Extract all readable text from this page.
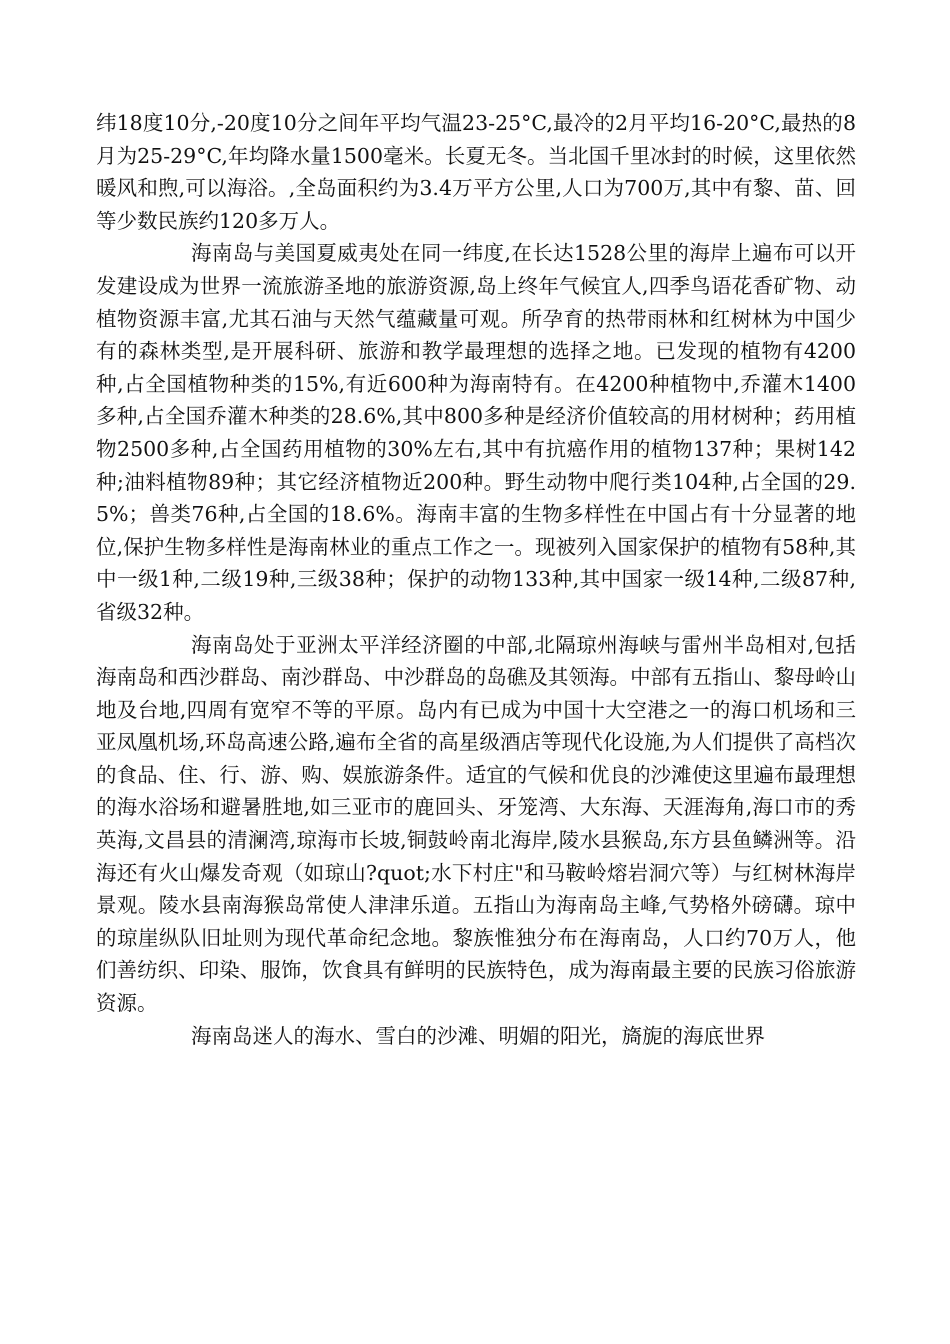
纬18度10分,-20度10分之间年平均气温23-25°C,最冷的2月平均16-20°C,最热的8月为25-29°C,年均降水量1500毫米。长夏无冬。当北国千里冰封的时候，这里依然暖风和煦,可以海浴。,全岛面积约为3.4万平方公里,人口为700万,其中有黎、苗、回等少数民族约120多万人。

海南岛与美国夏威夷处在同一纬度,在长达1528公里的海岸上遍布可以开发建设成为世界一流旅游圣地的旅游资源,岛上终年气候宜人,四季鸟语花香矿物、动植物资源丰富,尤其石油与天然气蕴藏量可观。所孕育的热带雨林和红树林为中国少有的森林类型,是开展科研、旅游和教学最理想的选择之地。已发现的植物有4200种,占全国植物种类的15%,有近600种为海南特有。在4200种植物中,乔灌木1400多种,占全国乔灌木种类的28.6%,其中800多种是经济价值较高的用材树种；药用植物2500多种,占全国药用植物的30%左右,其中有抗癌作用的植物137种；果树142种;油料植物89种；其它经济植物近200种。野生动物中爬行类104种,占全国的29.5%；兽类76种,占全国的18.6%。海南丰富的生物多样性在中国占有十分显著的地位,保护生物多样性是海南林业的重点工作之一。现被列入国家保护的植物有58种,其中一级1种,二级19种,三级38种；保护的动物133种,其中国家一级14种,二级87种,省级32种。

海南岛处于亚洲太平洋经济圈的中部,北隔琼州海峡与雷州半岛相对,包括海南岛和西沙群岛、南沙群岛、中沙群岛的岛礁及其领海。中部有五指山、黎母岭山地及台地,四周有宽窄不等的平原。岛内有已成为中国十大空港之一的海口机场和三亚凤凰机场,环岛高速公路,遍布全省的高星级酒店等现代化设施,为人们提供了高档次的食品、住、行、游、购、娱旅游条件。适宜的气候和优良的沙滩使这里遍布最理想的海水浴场和避暑胜地,如三亚市的鹿回头、牙笼湾、大东海、天涯海角,海口市的秀英海,文昌县的清澜湾,琼海市长坡,铜鼓岭南北海岸,陵水县猴岛,东方县鱼鳞洲等。沿海还有火山爆发奇观（如琼山?quot;水下村庄"和马鞍岭熔岩洞穴等）与红树林海岸景观。陵水县南海猴岛常使人津津乐道。五指山为海南岛主峰,气势格外磅礴。琼中的琼崖纵队旧址则为现代革命纪念地。黎族惟独分布在海南岛，人口约70万人，他们善纺织、印染、服饰，饮食具有鲜明的民族特色，成为海南最主要的民族习俗旅游资源。

海南岛迷人的海水、雪白的沙滩、明媚的阳光，旖旎的海底世界
